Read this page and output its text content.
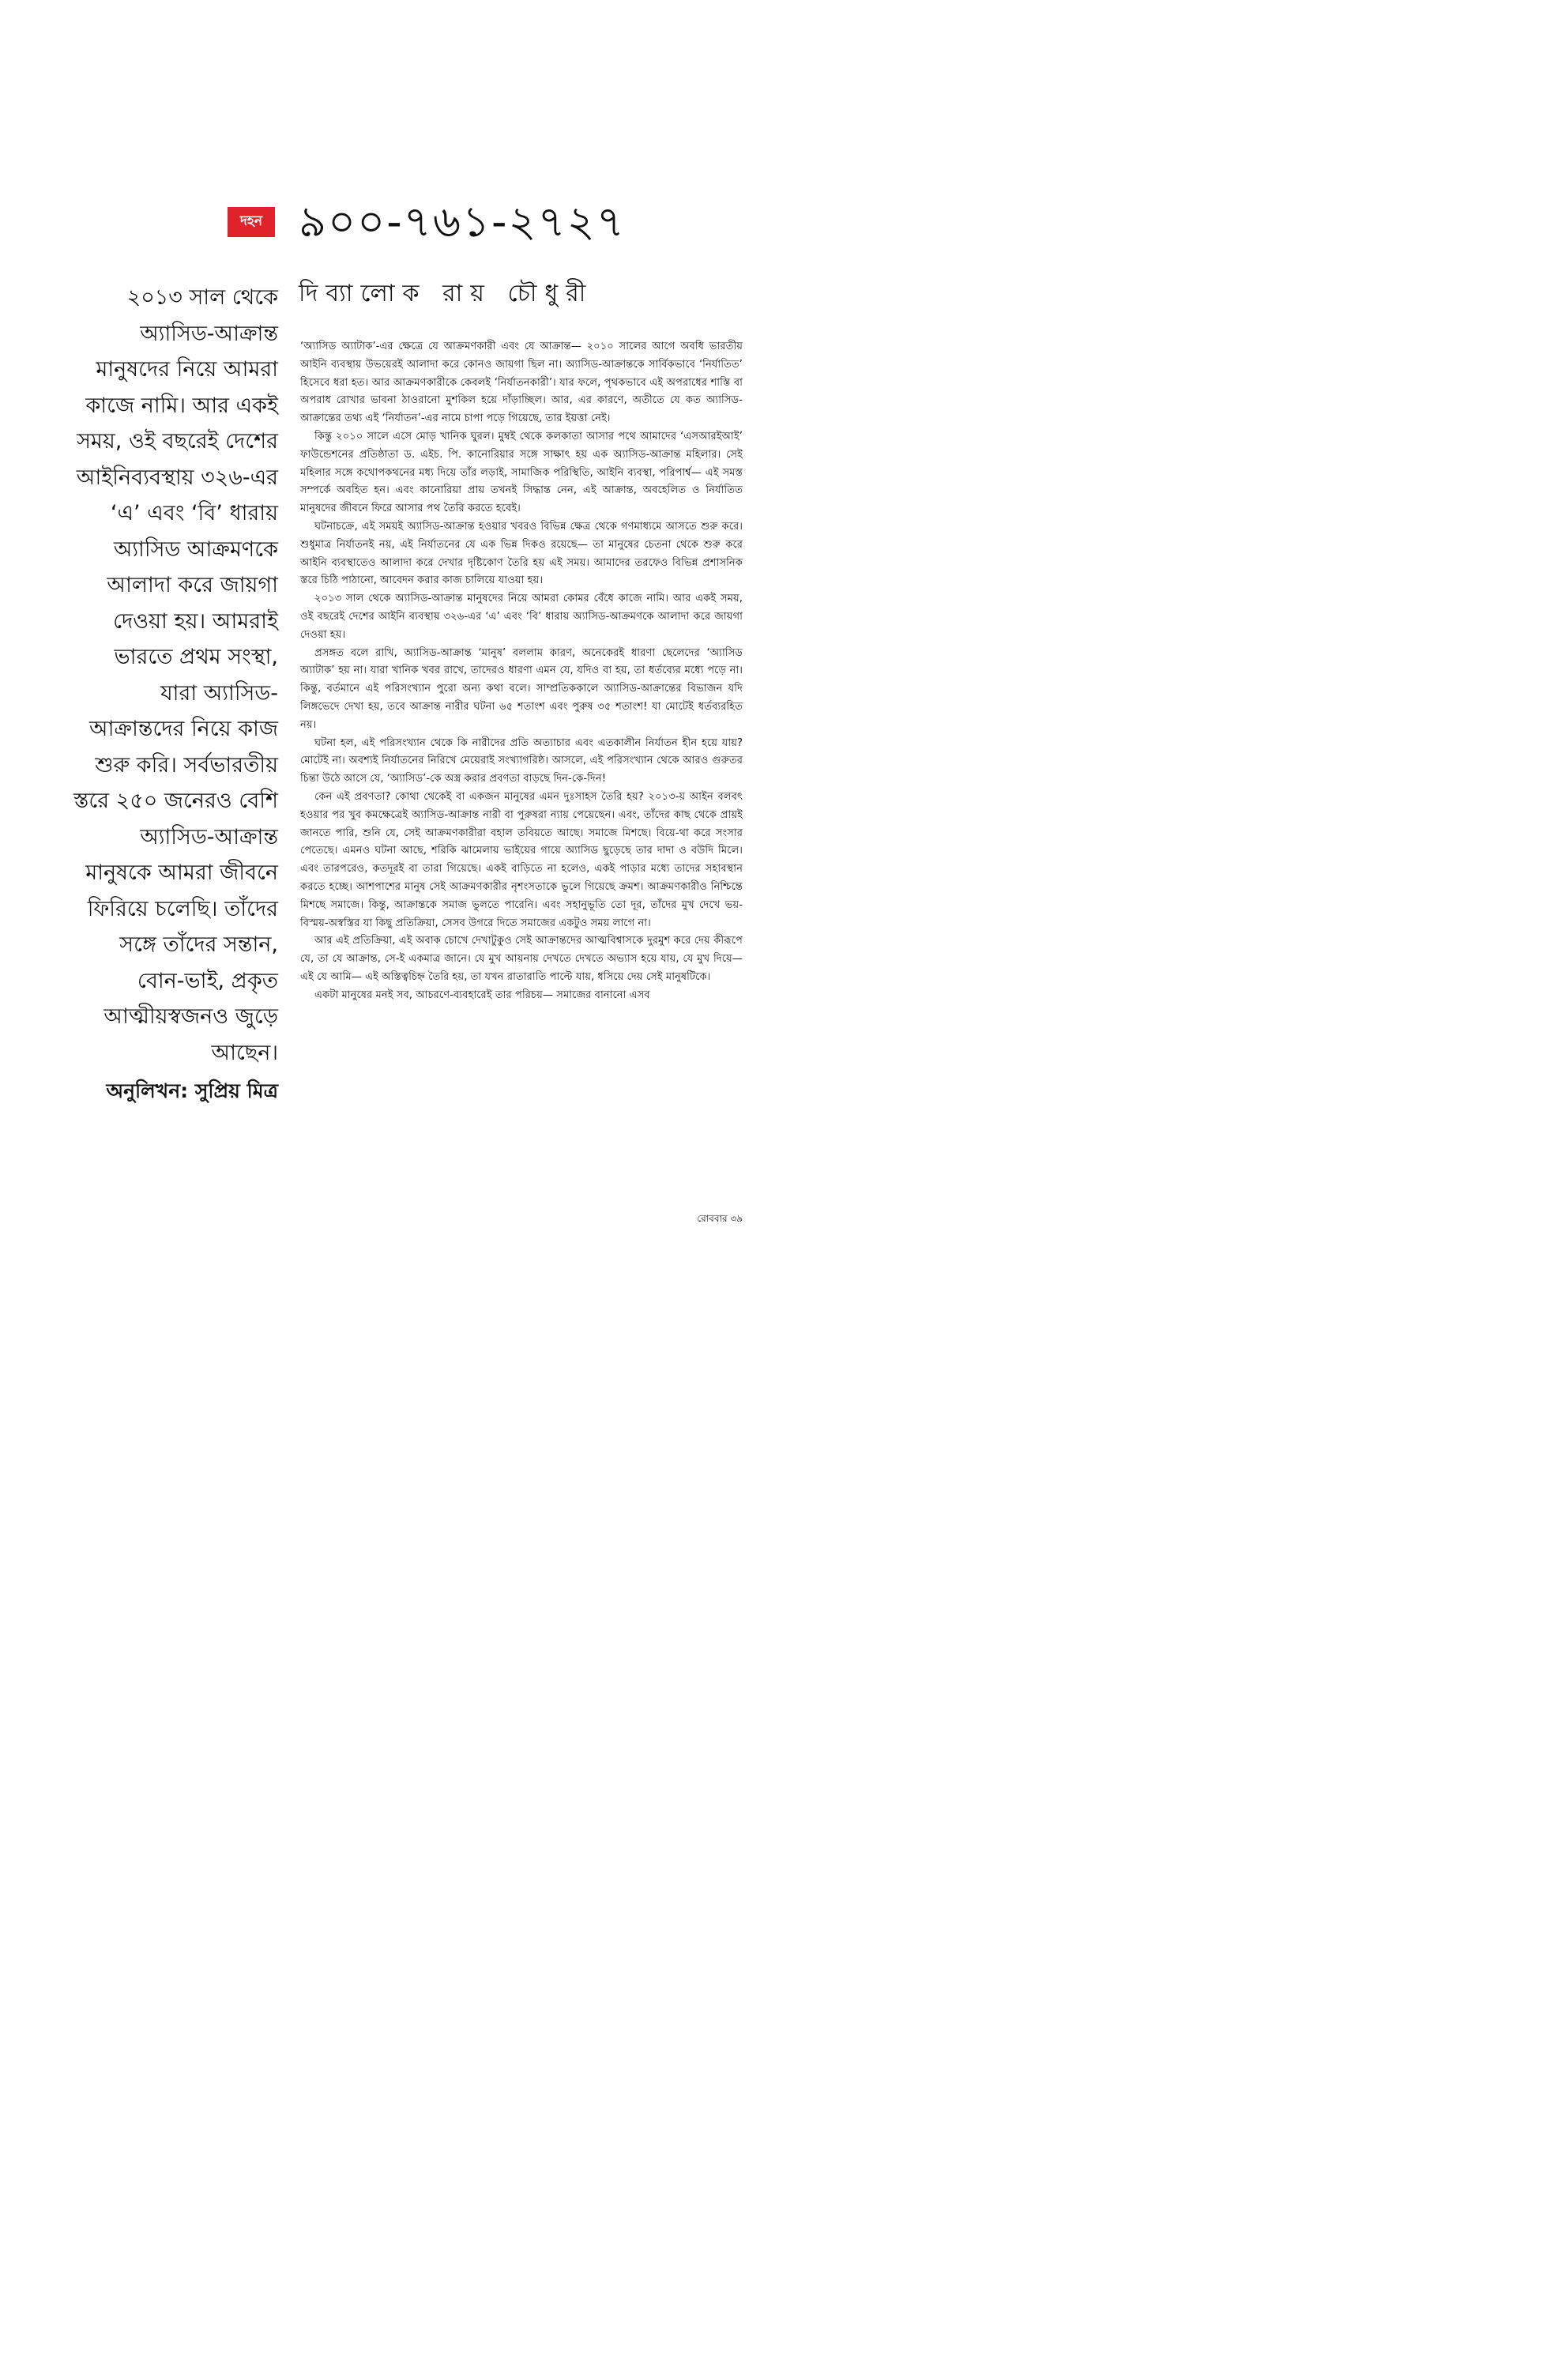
দহন ৯০০-৭৬১-২৭২৭
দিব্যালোক রায় চৌধুরী
২০১৩ সাল থেকে অ্যাসিড-আক্রান্ত মানুষদের নিয়ে আমরা কাজে নামি। আর একই সময়, ওই বছরেই দেশের আইনিব্যবস্থায় ৩২৬-এর ‘এ’ এবং ‘বি’ ধারায় অ্যাসিড আক্রমণকে আলাদা করে জায়গা দেওয়া হয়। আমরাই ভারতে প্রথম সংস্থা, যারা অ্যাসিড-আক্রান্তদের নিয়ে কাজ শুরু করি। সর্বভারতীয় স্তরে ২৫০ জনেরও বেশি অ্যাসিড-আক্রান্ত মানুষকে আমরা জীবনে ফিরিয়ে চলেছি। তাঁদের সঙ্গে তাঁদের সন্তান, বোন-ভাই, প্রকৃত আত্মীয়স্বজনও জুড়ে আছেন।
অনুলিখন: সুপ্রিয় মিত্র

‘অ্যাসিড অ্যাটাক’-এর ক্ষেত্রে যে আক্রমণকারী এবং যে আক্রান্ত— ২০১০ সালের আগে অবধি ভারতীয় আইনি ব্যবস্থায় উভয়েরই আলাদা করে কোনও জায়গা ছিল না। অ্যাসিড-আক্রান্তকে সার্বিকভাবে ‘নির্যাতিত’ হিসেবে ধরা হত। আর আক্রমণকারীকে কেবলই ‘নির্যাতনকারী’। যার ফলে, পৃথকভাবে এই অপরাধের শাস্তি বা অপরাধ রোখার ভাবনা ঠাওরানো মুশকিল হয়ে দাঁড়াচ্ছিল। আর, এর কারণে, অতীতে যে কত অ্যাসিড-আক্রান্তের তথ্য এই ‘নির্যাতন’-এর নামে চাপা পড়ে গিয়েছে, তার ইয়ত্তা নেই।

কিন্তু ২০১০ সালে এসে মোড় খানিক ঘুরল। মুম্বই থেকে কলকাতা আসার পথে আমাদের ‘এসআরইআই’ ফাউন্ডেশনের প্রতিষ্ঠাতা ড. এইচ. পি. কানোরিয়ার সঙ্গে সাক্ষাৎ হয় এক অ্যাসিড-আক্রান্ত মহিলার। সেই মহিলার সঙ্গে কথোপকথনের মধ্য দিয়ে তাঁর লড়াই, সামাজিক পরিস্থিতি, আইনি ব্যবস্থা, পরিপার্শ্ব— এই সমস্ত সম্পর্কে অবহিত হন। এবং কানোরিয়া প্রায় তখনই সিদ্ধান্ত নেন, এই আক্রান্ত, অবহেলিত ও নির্যাতিত মানুষদের জীবনে ফিরে আসার পথ তৈরি করতে হবেই।

ঘটনাচক্রে, এই সময়ই অ্যাসিড-আক্রান্ত হওয়ার খবরও বিভিন্ন ক্ষেত্র থেকে গণমাধ্যমে আসতে শুরু করে। শুধুমাত্র নির্যাতনই নয়, এই নির্যাতনের যে এক ভিন্ন দিকও রয়েছে— তা মানুষের চেতনা থেকে শুরু করে আইনি ব্যবস্থাতেও আলাদা করে দেখার দৃষ্টিকোণ তৈরি হয় এই সময়। আমাদের তরফেও বিভিন্ন প্রশাসনিক স্তরে চিঠি পাঠানো, আবেদন করার কাজ চালিয়ে যাওয়া হয়।

২০১৩ সাল থেকে অ্যাসিড-আক্রান্ত মানুষদের নিয়ে আমরা কোমর বেঁধে কাজে নামি। আর একই সময়, ওই বছরেই দেশের আইনি ব্যবস্থায় ৩২৬-এর ‘এ’ এবং ‘বি’ ধারায় অ্যাসিড-আক্রমণকে আলাদা করে জায়গা দেওয়া হয়।

প্রসঙ্গত বলে রাখি, অ্যাসিড-আক্রান্ত ‘মানুষ’ বললাম কারণ, অনেকেরই ধারণা ছেলেদের ‘অ্যাসিড অ্যাটাক’ হয় না। যারা খানিক খবর রাখে, তাদেরও ধারণা এমন যে, যদিও বা হয়, তা ধর্তব্যের মধ্যে পড়ে না। কিন্তু, বর্তমানে এই পরিসংখ্যান পুরো অন্য কথা বলে। সাম্প্রতিককালে অ্যাসিড-আক্রান্তের বিভাজন যদি লিঙ্গভেদে দেখা হয়, তবে আক্রান্ত নারীর ঘটনা ৬৫ শতাংশ এবং পুরুষ ৩৫ শতাংশ! যা মোটেই ধর্তব্যরহিত নয়।

ঘটনা হল, এই পরিসংখ্যান থেকে কি নারীদের প্রতি অত্যাচার এবং এতকালীন নির্যাতন হীন হয়ে যায়? মোটেই না। অবশ্যই নির্যাতনের নিরিখে মেয়েরাই সংখ্যাগরিষ্ঠ। আসলে, এই পরিসংখ্যান থেকে আরও গুরুতর চিন্তা উঠে আসে যে, ‘অ্যাসিড’-কে অস্ত্র করার প্রবণতা বাড়ছে দিন-কে-দিন!

কেন এই প্রবণতা? কোথা থেকেই বা একজন মানুষের এমন দুঃসাহস তৈরি হয়? ২০১৩-য় আইন বলবৎ হওয়ার পর খুব কমক্ষেত্রেই অ্যাসিড-আক্রান্ত নারী বা পুরুষরা ন্যায় পেয়েছেন। এবং, তাঁদের কাছ থেকে প্রায়ই জানতে পারি, শুনি যে, সেই আক্রমণকারীরা বহাল তবিয়তে আছে। সমাজে মিশছে। বিয়ে-থা করে সংসার পেতেছে। এমনও ঘটনা আছে, শরিকি ঝামেলায় ভাইয়ের গায়ে অ্যাসিড ছুড়েছে তার দাদা ও বউদি মিলে। এবং তারপরেও, কতদূরই বা তারা গিয়েছে। একই বাড়িতে না হলেও, একই পাড়ার মধ্যে তাদের সহাবস্থান করতে হচ্ছে। আশপাশের মানুষ সেই আক্রমণকারীর নৃশংসতাকে ভুলে গিয়েছে ক্রমশ। আক্রমণকারীও নিশ্চিন্তে মিশছে সমাজে। কিন্তু, আক্রান্তকে সমাজ ভুলতে পারেনি। এবং সহানুভূতি তো দূর, তাঁদের মুখ দেখে ভয়-বিস্ময়-অস্বস্তির যা কিছু প্রতিক্রিয়া, সেসব উগরে দিতে সমাজের একটুও সময় লাগে না।

আর এই প্রতিক্রিয়া, এই অবাক চোখে দেখাটুকুও সেই আক্রান্তদের আত্মবিশ্বাসকে দুরমুশ করে দেয় কীরূপে যে, তা যে আক্রান্ত, সে-ই একমাত্র জানে। যে মুখ আয়নায় দেখতে দেখতে অভ্যাস হয়ে যায়, যে মুখ দিয়ে— এই যে আমি— এই অস্তিত্বচিহ্ন তৈরি হয়, তা যখন রাতারাতি পাল্টে যায়, ধসিয়ে দেয় সেই মানুষটিকে।

একটা মানুষের মনই সব, আচরণে-ব্যবহারেই তার পরিচয়— সমাজের বানানো এসব

রোববার ৩৯
